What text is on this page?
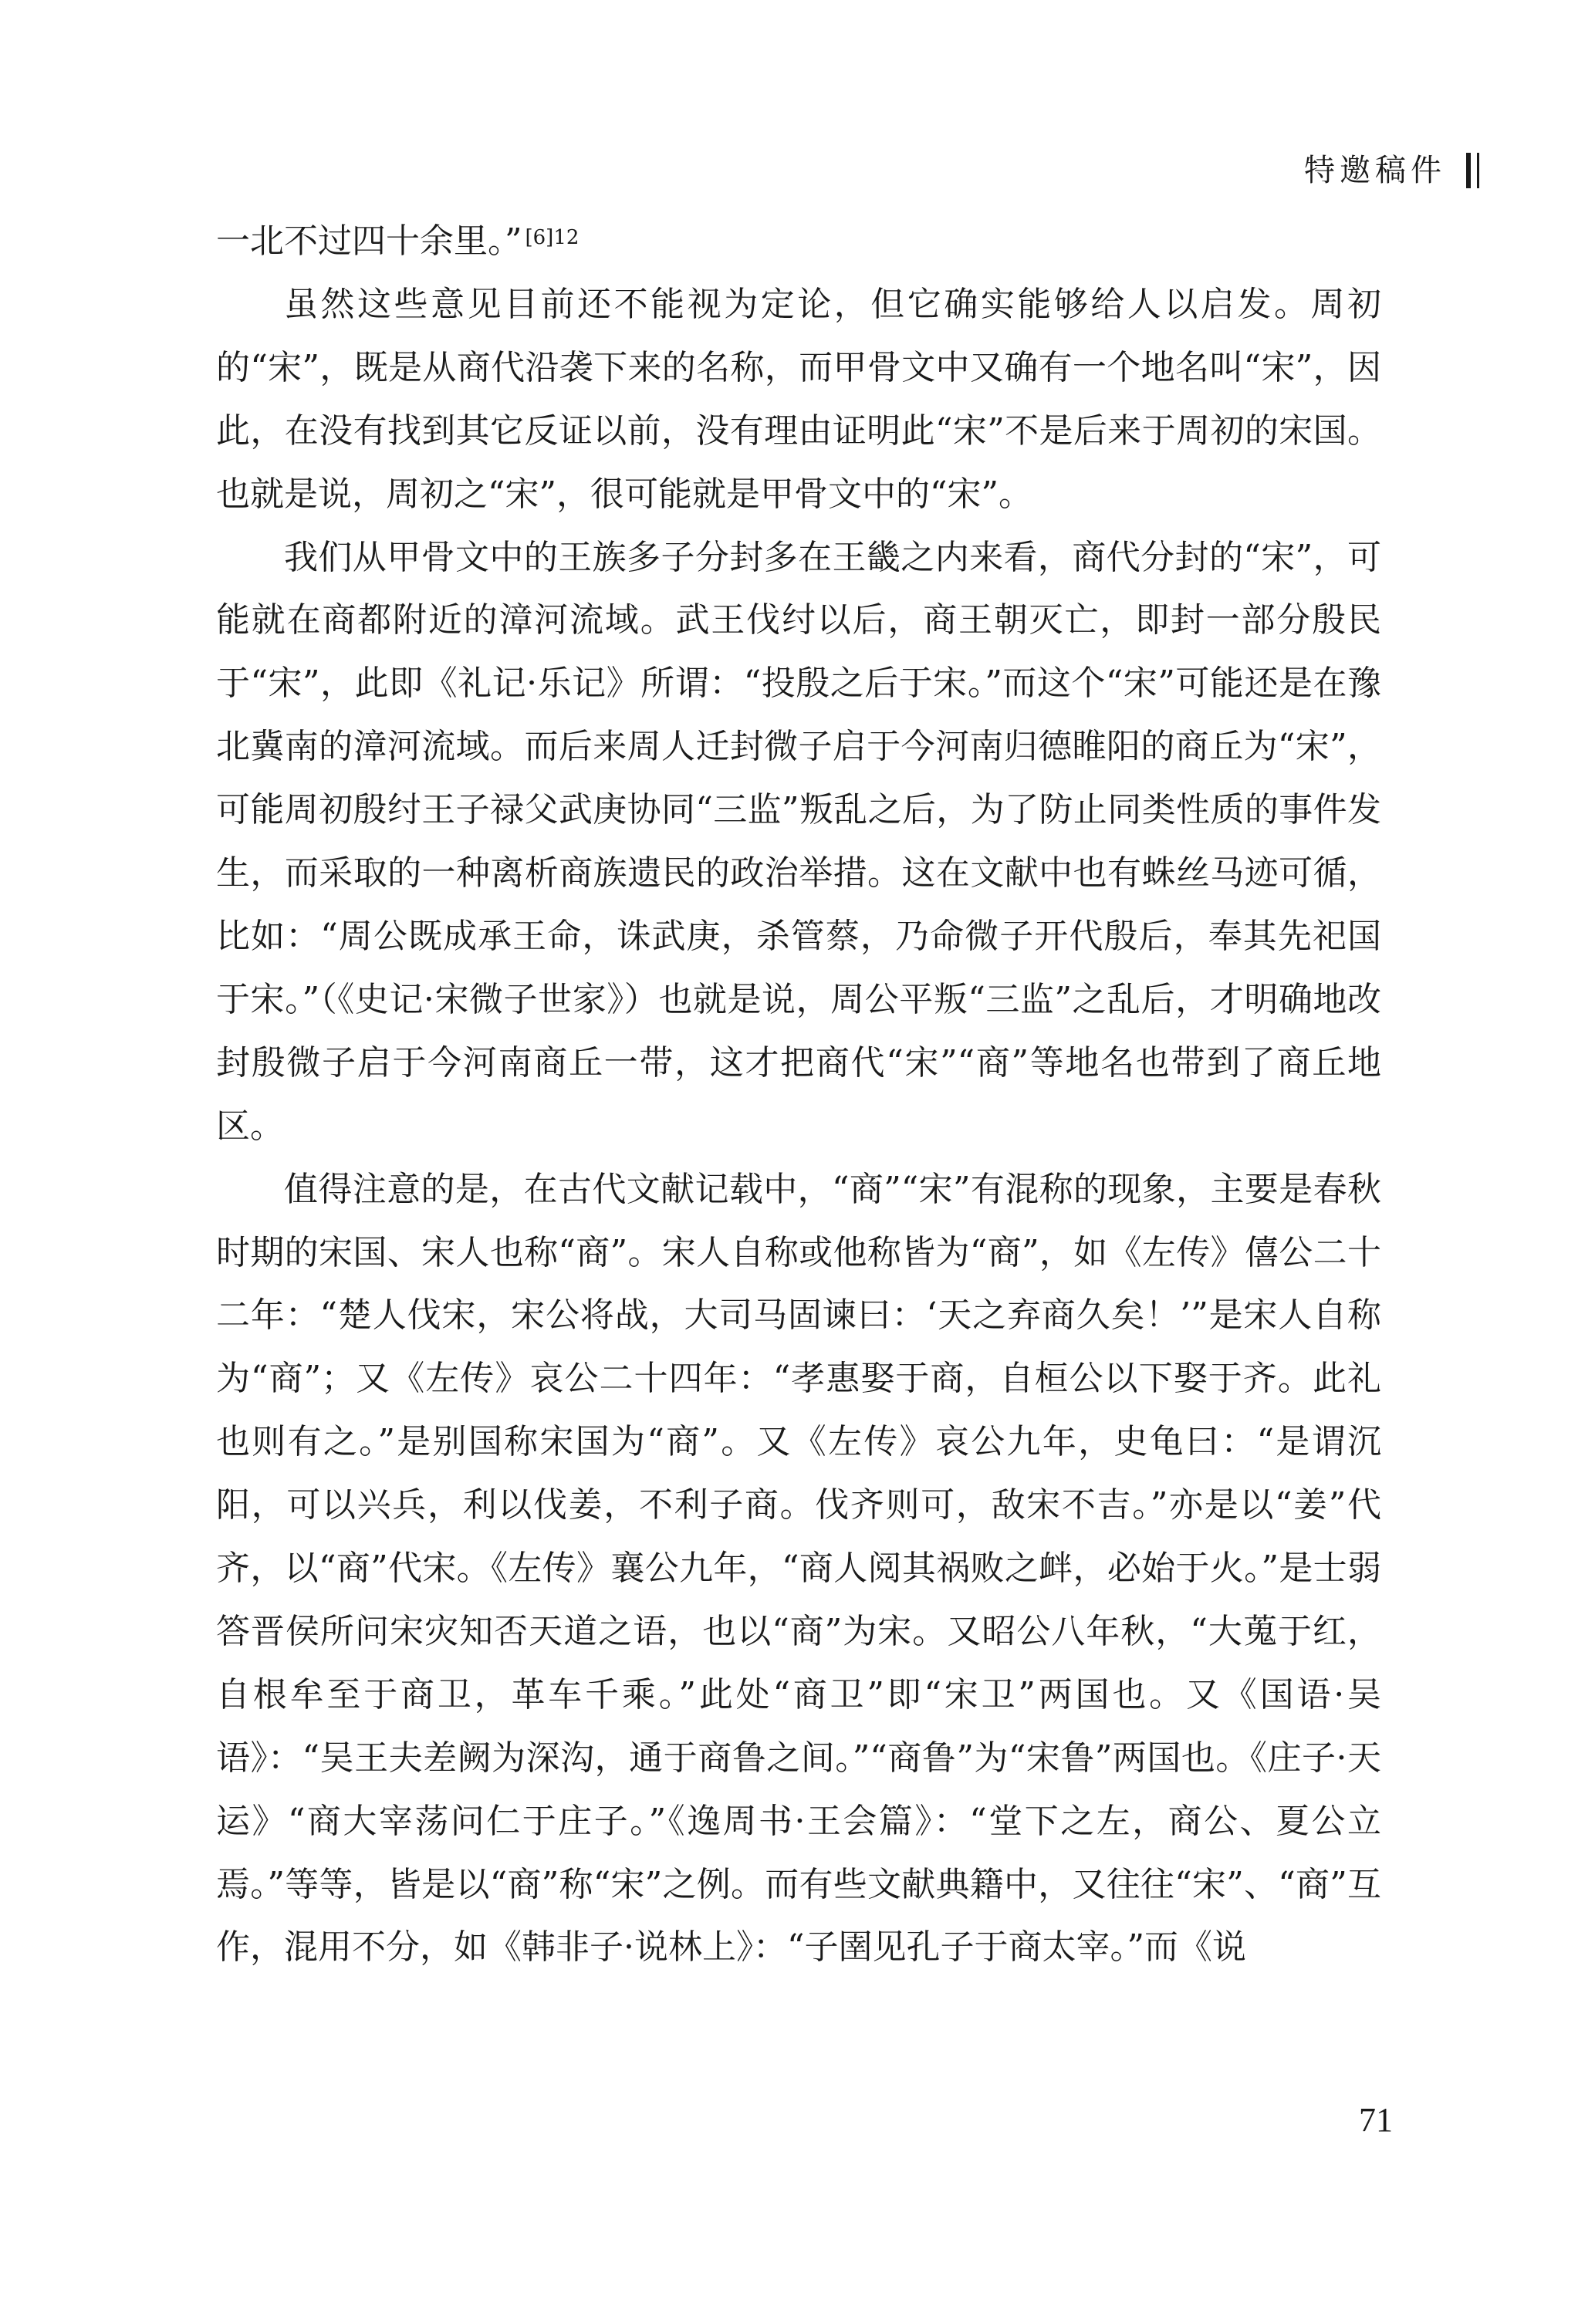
特邀稿件

一北不过四十余里。” $^{[6]12}$

虽然这些意见目前还不能视为定论，但它确实能够给人以启发。周初的“宋”，既是从商代沿袭下来的名称，而甲骨文中又确有一个地名叫“宋”，因此，在没有找到其它反证以前，没有理由证明此“宋”不是后来于周初的宋国。也就是说，周初之“宋”，很可能就是甲骨文中的“宋”。

我们从甲骨文中的王族多子分封多在王畿之内来看，商代分封的“宋”，可能就在商都附近的漳河流域。武王伐纣以后，商王朝灭亡，即封一部分殷民于“宋”，此即《礼记·乐记》所谓：“投殷之后于宋。”而这个“宋”可能还是在豫北冀南的漳河流域。而后来周人迁封微子启于今河南归德睢阳的商丘为“宋”，可能周初殷纣王子禄父武庚协同“三监”叛乱之后，为了防止同类性质的事件发生，而采取的一种离析商族遗民的政治举措。这在文献中也有蛛丝马迹可循，比如：“周公既成承王命，诛武庚，杀管蔡，乃命微子开代殷后，奉其先祀国于宋。”（《史记·宋微子世家》）也就是说，周公平叛“三监”之乱后，才明确地改封殷微子启于今河南商丘一带，这才把商代“宋”“商”等地名也带到了商丘地区。

值得注意的是，在古代文献记载中，“商”“宋”有混称的现象，主要是春秋时期的宋国、宋人也称“商”。宋人自称或他称皆为“商”，如《左传》僖公二十二年：“楚人伐宋，宋公将战，大司马固谏曰：‘天之弃商久矣！’”是宋人自称为“商”；又《左传》哀公二十四年：“孝惠娶于商，自桓公以下娶于齐。此礼也则有之。”是别国称宋国为“商”。又《左传》哀公九年，史龟曰：“是谓沉阳，可以兴兵，利以伐姜，不利子商。伐齐则可，敌宋不吉。”亦是以“姜”代齐，以“商”代宋。《左传》襄公九年，“商人阅其祸败之衅，必始于火。”是士弱答晋侯所问宋灾知否天道之语，也以“商”为宋。又昭公八年秋，“大蒐于红，自根牟至于商卫，革车千乘。”此处“商卫”即“宋卫”两国也。又《国语·吴语》：“吴王夫差阙为深沟，通于商鲁之间。”“商鲁”为“宋鲁”两国也。《庄子·天运》“商大宰荡问仁于庄子。”《逸周书·王会篇》：“堂下之左，商公、夏公立焉。”等等，皆是以“商”称“宋”之例。而有些文献典籍中，又往往“宋”、“商”互作，混用不分，如《韩非子·说林上》：“子圉见孔子于商太宰。”而《说

71
